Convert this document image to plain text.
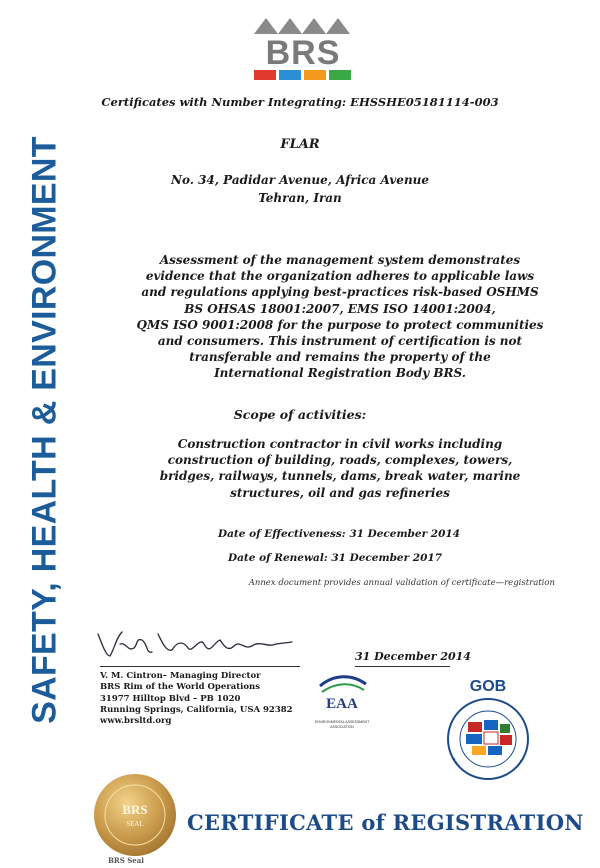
SAFETY, HEALTH & ENVIRONMENT
BRS
Certificates with Number Integrating: EHSSHE05181114-003
FLAR
No. 34, Padidar Avenue, Africa Avenue
Tehran, Iran
Assessment of the management system demonstrates
evidence that the organization adheres to applicable laws
and regulations applying best-practices risk-based OSHMS
BS OHSAS 18001:2007, EMS ISO 14001:2004,
QMS ISO 9001:2008 for the purpose to protect communities
and consumers. This instrument of certification is not
transferable and remains the property of the
International Registration Body BRS.
Scope of activities:
Construction contractor in civil works including
construction of building, roads, complexes, towers,
bridges, railways, tunnels, dams, break water, marine
structures, oil and gas refineries
Date of Effectiveness: 31 December 2014
Date of Renewal: 31 December 2017
Annex document provides annual validation of certificate—registration
31 December 2014
V. M. Cintron– Managing Director
BRS Rim of the World Operations
31977 Hilltop Blvd – PB 1020
Running Springs, California, USA 92382
www.brsltd.org
EAA
ENVIRONMENTAL ASSESSMENT ASSOCIATION
GOB
BRS
SEAL
BRS Seal
CERTIFICATE of REGISTRATION
